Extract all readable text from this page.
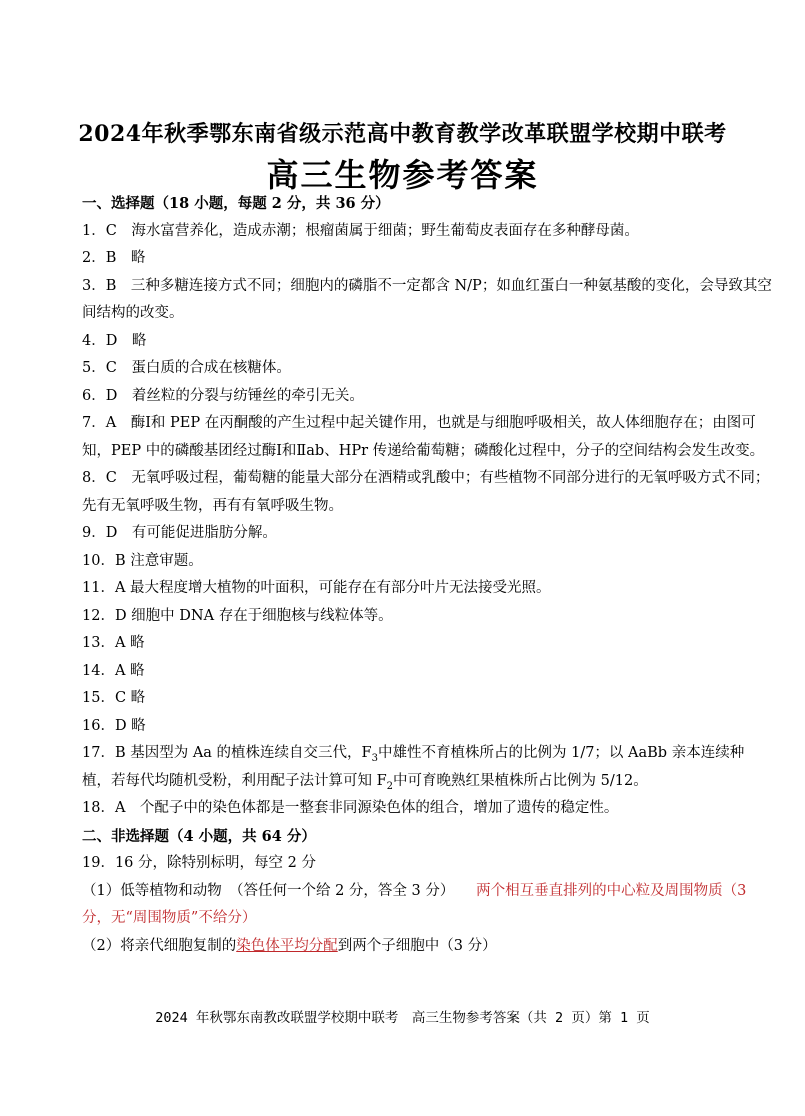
2024年秋季鄂东南省级示范高中教育教学改革联盟学校期中联考
高三生物参考答案
一、选择题（18 小题，每题 2 分，共 36 分）
1．C　海水富营养化，造成赤潮；根瘤菌属于细菌；野生葡萄皮表面存在多种酵母菌。
2．B　略
3．B　三种多糖连接方式不同；细胞内的磷脂不一定都含 N/P；如血红蛋白一种氨基酸的变化，会导致其空间结构的改变。
4．D　略
5．C　蛋白质的合成在核糖体。
6．D　着丝粒的分裂与纺锤丝的牵引无关。
7．A　酶Ⅰ和 PEP 在丙酮酸的产生过程中起关键作用，也就是与细胞呼吸相关，故人体细胞存在；由图可知，PEP 中的磷酸基团经过酶Ⅰ和Ⅱab、HPr 传递给葡萄糖；磷酸化过程中，分子的空间结构会发生改变。
8．C　无氧呼吸过程，葡萄糖的能量大部分在酒精或乳酸中；有些植物不同部分进行的无氧呼吸方式不同；先有无氧呼吸生物，再有有氧呼吸生物。
9．D　有可能促进脂肪分解。
10．B 注意审题。
11．A 最大程度增大植物的叶面积，可能存在有部分叶片无法接受光照。
12．D 细胞中 DNA 存在于细胞核与线粒体等。
13．A 略
14．A 略
15．C 略
16．D 略
17．B 基因型为 Aa 的植株连续自交三代，$F_3$中雄性不育植株所占的比例为 1/7；以 AaBb 亲本连续种植，若每代均随机受粉，利用配子法计算可知 $F_2$中可育晚熟红果植株所占比例为 5/12。
18．A　个配子中的染色体都是一整套非同源染色体的组合，增加了遗传的稳定性。
二、非选择题（4 小题，共 64 分）
19．16 分，除特别标明，每空 2 分
（1）低等植物和动物　（答任何一个给 2 分，答全 3 分）　　两个相互垂直排列的中心粒及周围物质（3 分，无“周围物质”不给分）
（2）将亲代细胞复制的染色体平均分配到两个子细胞中（3 分）
2024 年秋鄂东南教改联盟学校期中联考　高三生物参考答案（共 2 页）第 1 页
